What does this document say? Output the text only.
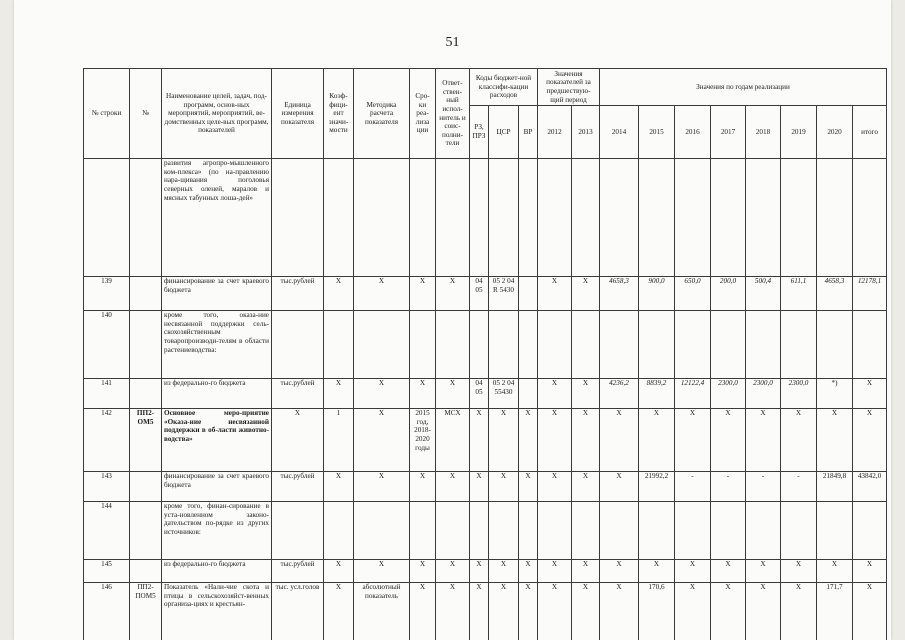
51
№ строки	№	Наименование целей, задач, под-программ, основ-ных мероприятий, мероприятий, ве-домственных целе-вых программ, показателей	Единица измерения показателя	Коэф-фици-ент значи-мости	Методика расчета показателя	Сро-ки реа-лиза ции	Ответ-ствен-ный испол-нитель и соис-полни-тели	Коды бюджет-ной классифи-кации расходов			Значения показателей за предшествую-щий период		Значения по годам реализации							
								РЗ, ПРЗ	ЦСР	ВР	2012	2013	2014	2015	2016	2017	2018	2019	2020	итого
		развития агропро-мышленного ком-плекса» (по на-правлению нара-щивания поголовья северных оленей, маралов и мясных табунных лоша-дей»																		
139		финансирование за счет краевого бюджета	тыс.рублей	Х	Х	Х	Х	04 05	05 2 04 R 5430		Х	Х	4658,3	900,0	650,0	200,0	500,4	611,1	4658,3	12178,1
140		кроме того, оказа-ние несвязанной поддержки сель-скохозяйственным товаропроизводи-телям в области растениеводства:																		
141		из федерально-го бюджета	тыс.рублей	Х	Х	Х	Х	04 05	05 2 04 55430		Х	Х	4236,2	8839,2	12122,4	2300,0	2300,0	2300,0	*)	Х
142	ПП2-ОМ5	Основное меро-приятие «Оказа-ние несвязанной поддержки в об-ласти животно-водства»	Х	1	Х	2015 год, 2018-2020 годы	МСХ	Х	Х	Х	Х	Х	Х	Х	Х	Х	Х	Х	Х	Х
143		финансирование за счет краевого бюджета	тыс.рублей	Х	Х	Х	Х	Х	Х	Х	Х	Х	Х	21992,2	-	-	-	-	21849,8	43842,0
144		кроме того, финан-сирование в уста-новленном законо-дательством по-рядке из других источников:																		
145		из федерально-го бюджета	тыс.рублей	Х	Х	Х	Х	Х	Х	Х	Х	Х	Х	Х	Х	Х	Х	Х	Х	Х
146	ПП2-ПОМ5	Показатель «Нали-чие скота и птицы в сельскохозяйст-венных организа-циях и крестьян-	тыс. усл.голов	Х	абсолютный показатель	Х	Х	Х	Х	Х	Х	Х	Х	170,6	Х	Х	Х	Х	171,7	Х
